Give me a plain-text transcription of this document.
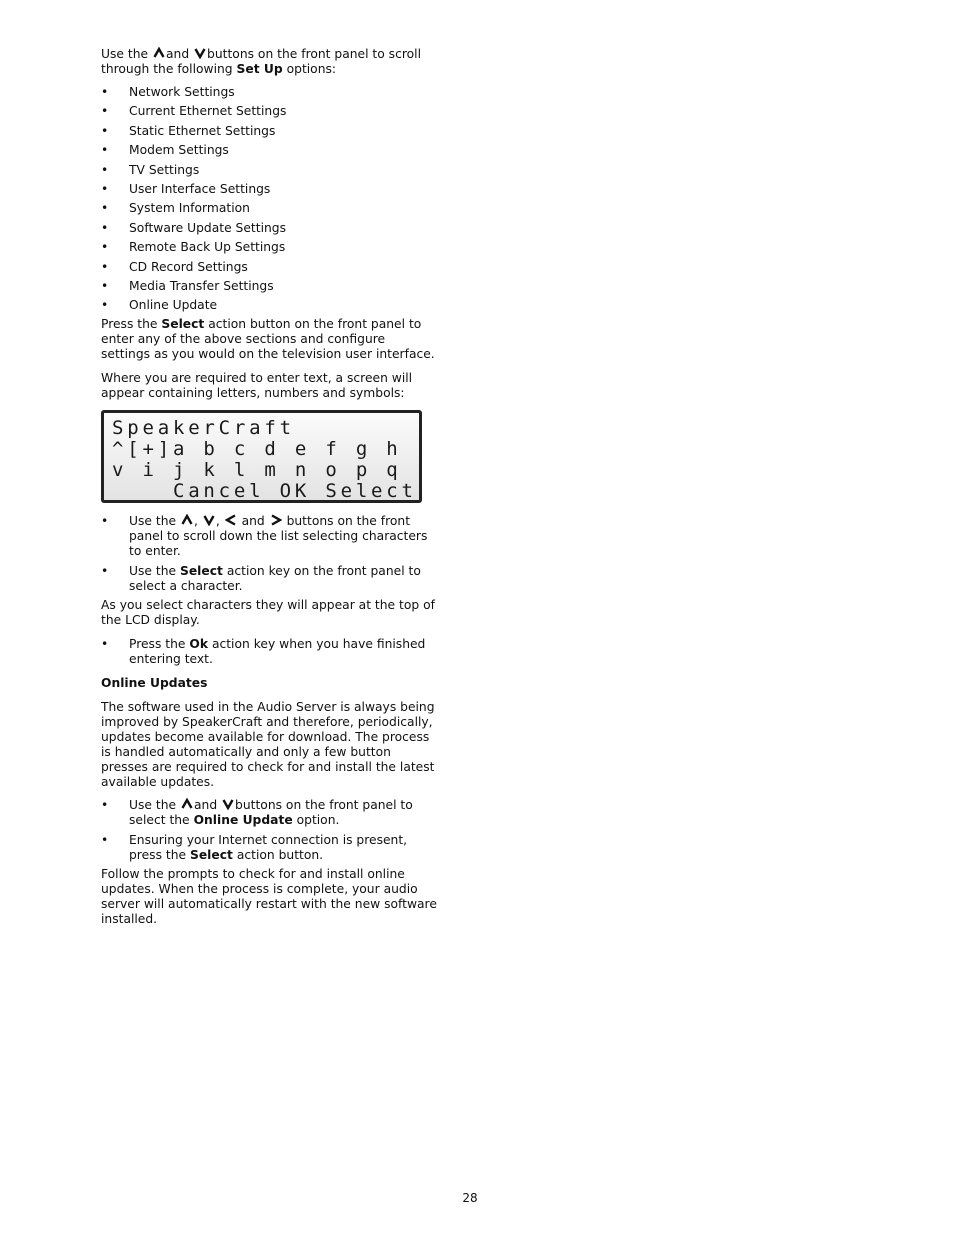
Use the and buttons on the front panel to scroll through the following Set Up options:

• Network Settings
• Current Ethernet Settings
• Static Ethernet Settings
• Modem Settings
• TV Settings
• User Interface Settings
• System Information
• Software Update Settings
• Remote Back Up Settings
• CD Record Settings
• Media Transfer Settings
• Online Update

Press the Select action button on the front panel to enter any of the above sections and configure settings as you would on the television user interface.

Where you are required to enter text, a screen will appear containing letters, numbers and symbols:

SpeakerCraft
^[+]a b c d e f g h
v i j k l m n o p q
Cancel OK Select
• Use the , , and buttons on the front panel to scroll down the list selecting characters to enter.
• Use the Select action key on the front panel to select a character.

As you select characters they will appear at the top of the LCD display.

• Press the Ok action key when you have finished entering text.

Online Updates

The software used in the Audio Server is always being improved by SpeakerCraft and therefore, periodically, updates become available for download. The process is handled automatically and only a few button presses are required to check for and install the latest available updates.

• Use the and buttons on the front panel to select the Online Update option.
• Ensuring your Internet connection is present, press the Select action button.

Follow the prompts to check for and install online updates. When the process is complete, your audio server will automatically restart with the new software installed.

28
